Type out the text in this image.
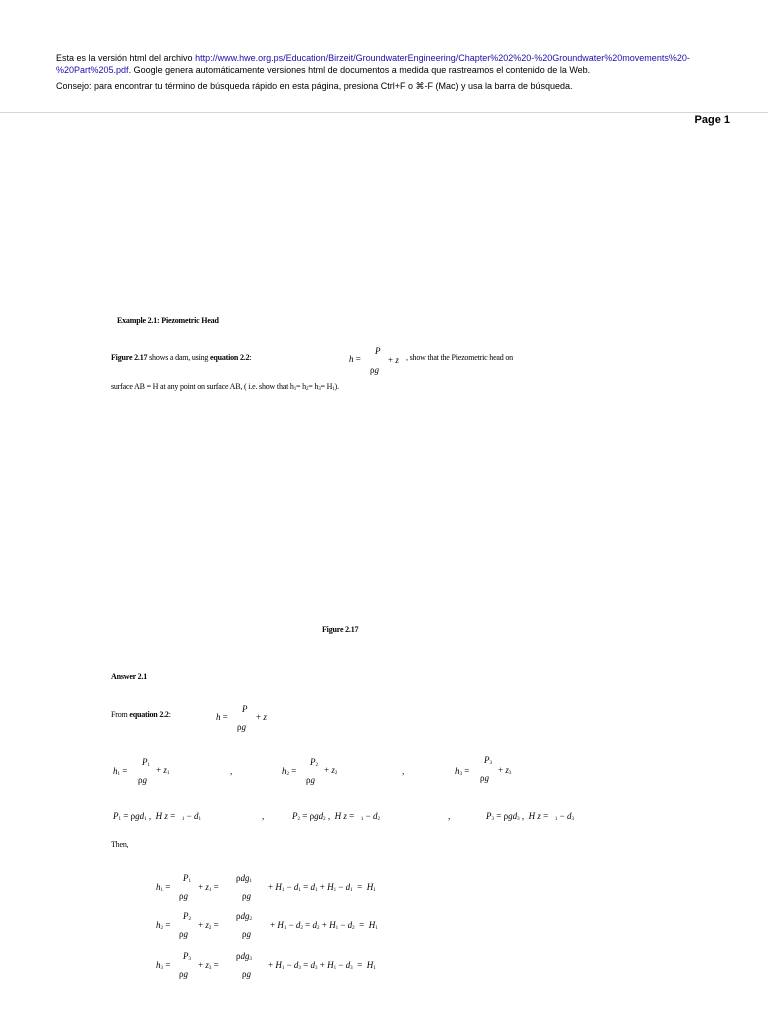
Esta es la versión html del archivo http://www.hwe.org.ps/Education/Birzeit/GroundwaterEngineering/Chapter%202%20-%20Groundwater%20movements%20-%20Part%205.pdf. Google genera automáticamente versiones html de documentos a medida que rastreamos el contenido de la Web.
Consejo: para encontrar tu término de búsqueda rápido en esta página, presiona Ctrl+F o ⌘-F (Mac) y usa la barra de búsqueda.
Page 1
Example 2.1: Piezometric Head
Figure 2.17 shows a dam, using equation 2.2:	h =
P
ρg
+ z , show that the Piezometric head on
surface AB = H at any point on surface AB, ( i.e. show that $h_1= h_2= h_3= H_1$).
Figure 2.17
Answer 2.1
From equation 2.2:	h =
P
ρg
+ z
$h_1$ =
$P_1$
ρg
+ $z_1$	,	$h_2$ =
$P_2$
ρg
+ $z_2$	,	$h_3$ =
$P_3$
ρg
+ $z_3$
$P_1 = \rho gd_1$ ,  H $z = _1 - d_1$	,	$P_2 = \rho gd_2$ ,  H $z = _1 - d_2$	,	$P_3 = \rho gd_3$ ,  H $z = _1 - d_3$
Then,
$h_1$ =
$P_1$
ρg
+ $z_1$ =
ρdg$_1$
ρg
+ $H_1 - d_1 = d_1 + H_1 - d_1 = H_1$
$h_2$ =
$P_2$
ρg
+ $z_2$ =
ρdg$_2$
ρg
+ $H_1 - d_2 = d_2 + H_1 - d_2 = H_1$
$h_3$ =
$P_3$
ρg
+ $z_3$ =
ρdg$_3$
ρg
+ $H_1 - d_3 = d_3 + H_1 - d_3 = H_1$
